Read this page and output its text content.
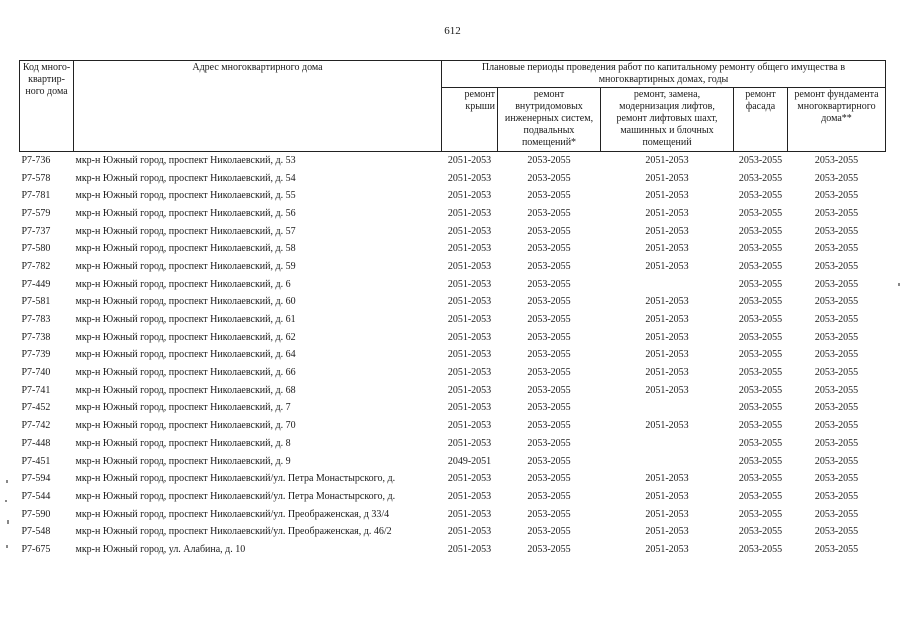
612
Код много-квартир-ного дома	Адрес многоквартирного дома	Плановые периоды проведения работ по капитальному ремонту общего имущества в многоквартирных домах, годы				
		ремонт крыши	ремонт внутридомовых инженерных систем, подвальных помещений*	ремонт, замена, модернизация лифтов, ремонт лифтовых шахт, машинных и блочных помещений	ремонт фасада	ремонт фундамента многоквартирного дома**
Р7-736	мкр-н Южный город, проспект Николаевский, д. 53	2051-2053	2053-2055	2051-2053	2053-2055	2053-2055
Р7-578	мкр-н Южный город, проспект Николаевский, д. 54	2051-2053	2053-2055	2051-2053	2053-2055	2053-2055
Р7-781	мкр-н Южный город, проспект Николаевский, д. 55	2051-2053	2053-2055	2051-2053	2053-2055	2053-2055
Р7-579	мкр-н Южный город, проспект Николаевский, д. 56	2051-2053	2053-2055	2051-2053	2053-2055	2053-2055
Р7-737	мкр-н Южный город, проспект Николаевский, д. 57	2051-2053	2053-2055	2051-2053	2053-2055	2053-2055
Р7-580	мкр-н Южный город, проспект Николаевский, д. 58	2051-2053	2053-2055	2051-2053	2053-2055	2053-2055
Р7-782	мкр-н Южный город, проспект Николаевский, д. 59	2051-2053	2053-2055	2051-2053	2053-2055	2053-2055
Р7-449	мкр-н Южный город, проспект Николаевский, д. 6	2051-2053	2053-2055		2053-2055	2053-2055
Р7-581	мкр-н Южный город, проспект Николаевский, д. 60	2051-2053	2053-2055	2051-2053	2053-2055	2053-2055
Р7-783	мкр-н Южный город, проспект Николаевский, д. 61	2051-2053	2053-2055	2051-2053	2053-2055	2053-2055
Р7-738	мкр-н Южный город, проспект Николаевский, д. 62	2051-2053	2053-2055	2051-2053	2053-2055	2053-2055
Р7-739	мкр-н Южный город, проспект Николаевский, д. 64	2051-2053	2053-2055	2051-2053	2053-2055	2053-2055
Р7-740	мкр-н Южный город, проспект Николаевский, д. 66	2051-2053	2053-2055	2051-2053	2053-2055	2053-2055
Р7-741	мкр-н Южный город, проспект Николаевский, д. 68	2051-2053	2053-2055	2051-2053	2053-2055	2053-2055
Р7-452	мкр-н Южный город, проспект Николаевский, д. 7	2051-2053	2053-2055		2053-2055	2053-2055
Р7-742	мкр-н Южный город, проспект Николаевский, д. 70	2051-2053	2053-2055	2051-2053	2053-2055	2053-2055
Р7-448	мкр-н Южный город, проспект Николаевский, д. 8	2051-2053	2053-2055		2053-2055	2053-2055
Р7-451	мкр-н Южный город, проспект Николаевский, д. 9	2049-2051	2053-2055		2053-2055	2053-2055
Р7-594	мкр-н Южный город, проспект Николаевский/ул. Петра Монастырского, д.	2051-2053	2053-2055	2051-2053	2053-2055	2053-2055
Р7-544	мкр-н Южный город, проспект Николаевский/ул. Петра Монастырского, д.	2051-2053	2053-2055	2051-2053	2053-2055	2053-2055
Р7-590	мкр-н Южный город, проспект Николаевский/ул. Преображенская, д 33/4	2051-2053	2053-2055	2051-2053	2053-2055	2053-2055
Р7-548	мкр-н Южный город, проспект Николаевский/ул. Преображенская, д. 46/2	2051-2053	2053-2055	2051-2053	2053-2055	2053-2055
Р7-675	мкр-н Южный город, ул. Алабина, д. 10	2051-2053	2053-2055	2051-2053	2053-2055	2053-2055
